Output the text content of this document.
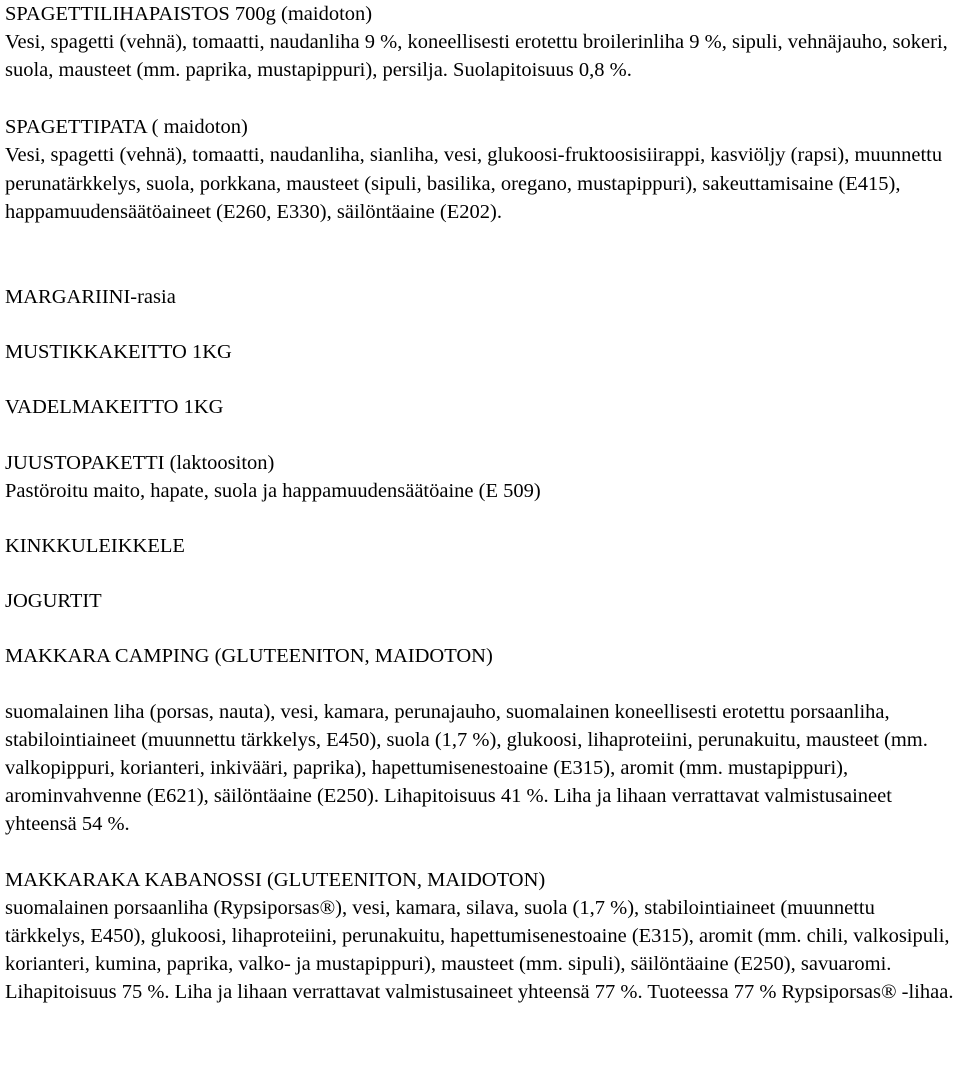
SPAGETTILIHAPAISTOS 700g (maidoton)

Vesi, spagetti (vehnä), tomaatti, naudanliha 9 %, koneellisesti erotettu broilerinliha 9 %, sipuli, vehnäjauho, sokeri, suola, mausteet (mm. paprika, mustapippuri), persilja. Suolapitoisuus 0,8 %.

SPAGETTIPATA ( maidoton)

Vesi, spagetti (vehnä), tomaatti, naudanliha, sianliha, vesi, glukoosi-fruktoosisiirappi, kasviöljy (rapsi), muunnettu perunatärkkelys, suola, porkkana, mausteet (sipuli, basilika, oregano, mustapippuri), sakeuttamisaine (E415), happamuudensäätöaineet (E260, E330), säilöntäaine (E202).

MARGARIINI-rasia
MUSTIKKAKEITTO 1KG
VADELMAKEITTO 1KG
JUUSTOPAKETTI (laktoositon)

Pastöroitu maito, hapate, suola ja happamuudensäätöaine (E 509)

KINKKULEIKKELE
JOGURTIT
MAKKARA CAMPING (GLUTEENITON, MAIDOTON)

suomalainen liha (porsas, nauta), vesi, kamara, perunajauho, suomalainen koneellisesti erotettu porsaanliha, stabilointiaineet (muunnettu tärkkelys, E450), suola (1,7 %), glukoosi, lihaproteiini, perunakuitu, mausteet (mm. valkopippuri, korianteri, inkivääri, paprika), hapettumisenestoaine (E315), aromit (mm. mustapippuri), arominvahvenne (E621), säilöntäaine (E250). Lihapitoisuus 41 %. Liha ja lihaan verrattavat valmistusaineet yhteensä 54 %.

MAKKARAKA KABANOSSI (GLUTEENITON, MAIDOTON)

suomalainen porsaanliha (Rypsiporsas®), vesi, kamara, silava, suola (1,7 %), stabilointiaineet (muunnettu tärkkelys, E450), glukoosi, lihaproteiini, perunakuitu, hapettumisenestoaine (E315), aromit (mm. chili, valkosipuli, korianteri, kumina, paprika, valko- ja mustapippuri), mausteet (mm. sipuli), säilöntäaine (E250), savuaromi. Lihapitoisuus 75 %. Liha ja lihaan verrattavat valmistusaineet yhteensä 77 %. Tuoteessa 77 % Rypsiporsas® -lihaa.
